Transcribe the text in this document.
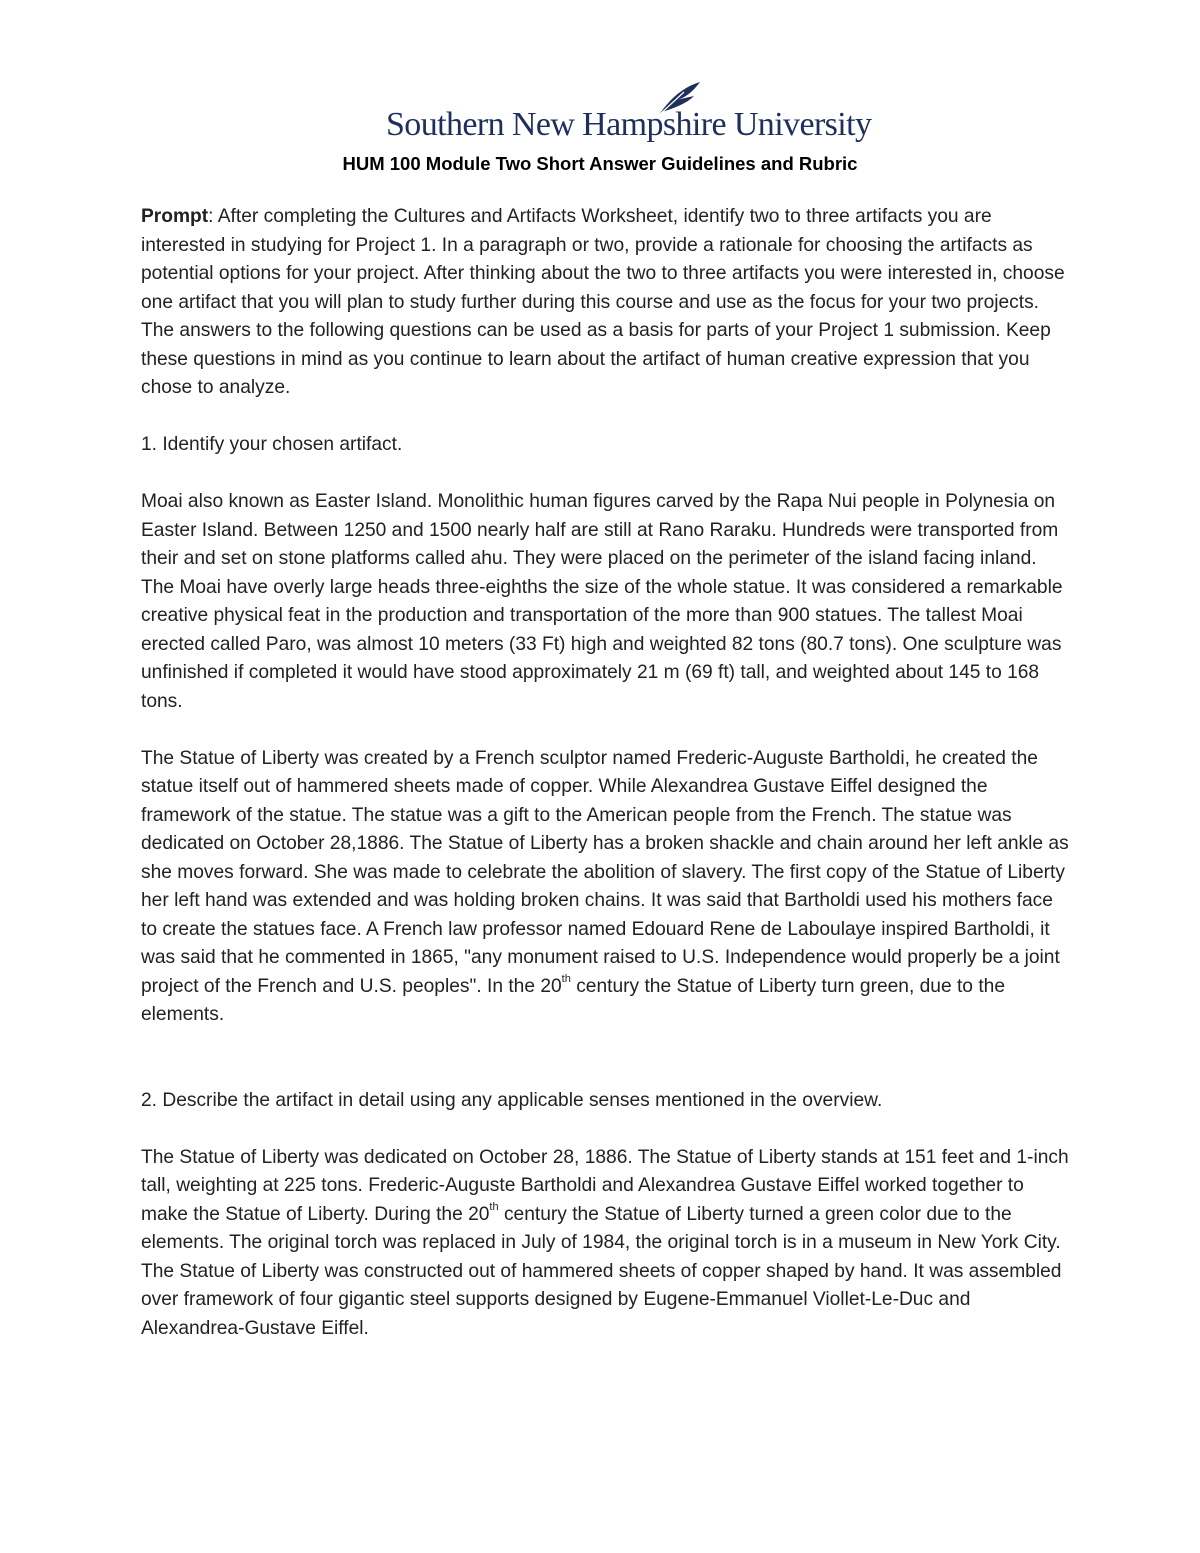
Southern New Hampshire University
HUM 100 Module Two Short Answer Guidelines and Rubric

Prompt: After completing the Cultures and Artifacts Worksheet, identify two to three artifacts you are interested in studying for Project 1. In a paragraph or two, provide a rationale for choosing the artifacts as potential options for your project. After thinking about the two to three artifacts you were interested in, choose one artifact that you will plan to study further during this course and use as the focus for your two projects. The answers to the following questions can be used as a basis for parts of your Project 1 submission. Keep these questions in mind as you continue to learn about the artifact of human creative expression that you chose to analyze.

1. Identify your chosen artifact.

Moai also known as Easter Island. Monolithic human figures carved by the Rapa Nui people in Polynesia on Easter Island. Between 1250 and 1500 nearly half are still at Rano Raraku. Hundreds were transported from their and set on stone platforms called ahu. They were placed on the perimeter of the island facing inland. The Moai have overly large heads three-eighths the size of the whole statue. It was considered a remarkable creative physical feat in the production and transportation of the more than 900 statues. The tallest Moai erected called Paro, was almost 10 meters (33 Ft) high and weighted 82 tons (80.7 tons). One sculpture was unfinished if completed it would have stood approximately 21 m (69 ft) tall, and weighted about 145 to 168 tons.

The Statue of Liberty was created by a French sculptor named Frederic-Auguste Bartholdi, he created the statue itself out of hammered sheets made of copper. While Alexandrea Gustave Eiffel designed the framework of the statue. The statue was a gift to the American people from the French. The statue was dedicated on October 28,1886. The Statue of Liberty has a broken shackle and chain around her left ankle as she moves forward. She was made to celebrate the abolition of slavery. The first copy of the Statue of Liberty her left hand was extended and was holding broken chains. It was said that Bartholdi used his mothers face to create the statues face. A French law professor named Edouard Rene de Laboulaye inspired Bartholdi, it was said that he commented in 1865, "any monument raised to U.S. Independence would properly be a joint project of the French and U.S. peoples". In the 20th century the Statue of Liberty turn green, due to the elements.

2. Describe the artifact in detail using any applicable senses mentioned in the overview.

The Statue of Liberty was dedicated on October 28, 1886. The Statue of Liberty stands at 151 feet and 1-inch tall, weighting at 225 tons. Frederic-Auguste Bartholdi and Alexandrea Gustave Eiffel worked together to make the Statue of Liberty. During the 20th century the Statue of Liberty turned a green color due to the elements. The original torch was replaced in July of 1984, the original torch is in a museum in New York City. The Statue of Liberty was constructed out of hammered sheets of copper shaped by hand. It was assembled over framework of four gigantic steel supports designed by Eugene-Emmanuel Viollet-Le-Duc and Alexandrea-Gustave Eiffel.
